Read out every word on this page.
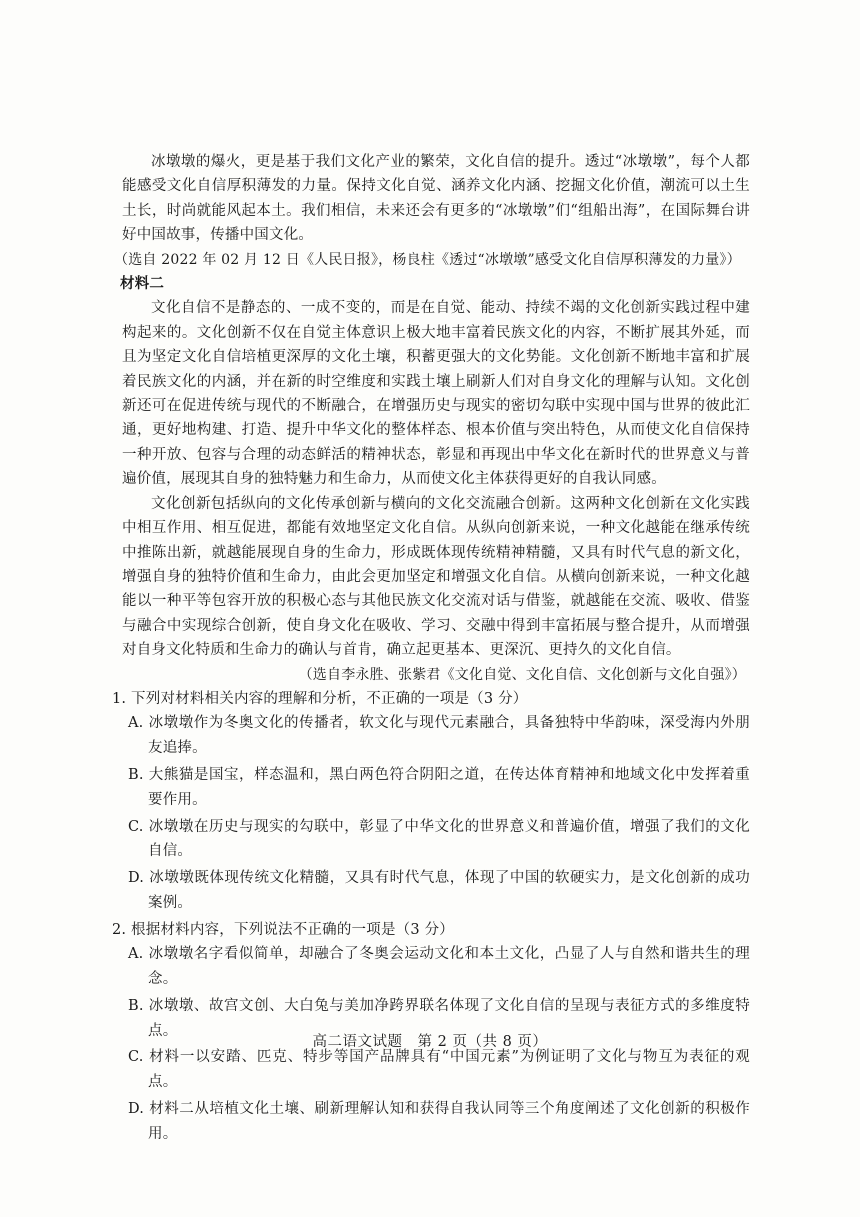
冰墩墩的爆火，更是基于我们文化产业的繁荣，文化自信的提升。透过“冰墩墩”，每个人都能感受文化自信厚积薄发的力量。保持文化自觉、涵养文化内涵、挖掘文化价值，潮流可以土生土长，时尚就能风起本土。我们相信，未来还会有更多的“冰墩墩”们“组船出海”，在国际舞台讲好中国故事，传播中国文化。

（选自 2022 年 02 月 12 日《人民日报》，杨良柱《透过“冰墩墩”感受文化自信厚积薄发的力量》）

材料二

文化自信不是静态的、一成不变的，而是在自觉、能动、持续不竭的文化创新实践过程中建构起来的。文化创新不仅在自觉主体意识上极大地丰富着民族文化的内容，不断扩展其外延，而且为坚定文化自信培植更深厚的文化土壤，积蓄更强大的文化势能。文化创新不断地丰富和扩展着民族文化的内涵，并在新的时空维度和实践土壤上刷新人们对自身文化的理解与认知。文化创新还可在促进传统与现代的不断融合，在增强历史与现实的密切勾联中实现中国与世界的彼此汇通，更好地构建、打造、提升中华文化的整体样态、根本价值与突出特色，从而使文化自信保持一种开放、包容与合理的动态鲜活的精神状态，彰显和再现出中华文化在新时代的世界意义与普遍价值，展现其自身的独特魅力和生命力，从而使文化主体获得更好的自我认同感。

文化创新包括纵向的文化传承创新与横向的文化交流融合创新。这两种文化创新在文化实践中相互作用、相互促进，都能有效地坚定文化自信。从纵向创新来说，一种文化越能在继承传统中推陈出新，就越能展现自身的生命力，形成既体现传统精神精髓，又具有时代气息的新文化，增强自身的独特价值和生命力，由此会更加坚定和增强文化自信。从横向创新来说，一种文化越能以一种平等包容开放的积极心态与其他民族文化交流对话与借鉴，就越能在交流、吸收、借鉴与融合中实现综合创新，使自身文化在吸收、学习、交融中得到丰富拓展与整合提升，从而增强对自身文化特质和生命力的确认与首肯，确立起更基本、更深沉、更持久的文化自信。

（选自李永胜、张紫君《文化自觉、文化自信、文化创新与文化自强》）

1. 下列对材料相关内容的理解和分析，不正确的一项是（3 分）

A. 冰墩墩作为冬奥文化的传播者，软文化与现代元素融合，具备独特中华韵味，深受海内外朋友追捧。

B. 大熊猫是国宝，样态温和，黑白两色符合阴阳之道，在传达体育精神和地域文化中发挥着重要作用。

C. 冰墩墩在历史与现实的勾联中，彰显了中华文化的世界意义和普遍价值，增强了我们的文化自信。

D. 冰墩墩既体现传统文化精髓，又具有时代气息，体现了中国的软硬实力，是文化创新的成功案例。

2. 根据材料内容，下列说法不正确的一项是（3 分）

A. 冰墩墩名字看似简单，却融合了冬奥会运动文化和本土文化，凸显了人与自然和谐共生的理念。

B. 冰墩墩、故宫文创、大白兔与美加净跨界联名体现了文化自信的呈现与表征方式的多维度特点。

C. 材料一以安踏、匹克、特步等国产品牌具有“中国元素”为例证明了文化与物互为表征的观点。

D. 材料二从培植文化土壤、刷新理解认知和获得自我认同等三个角度阐述了文化创新的积极作用。

高二语文试题　第 2 页（共 8 页）
